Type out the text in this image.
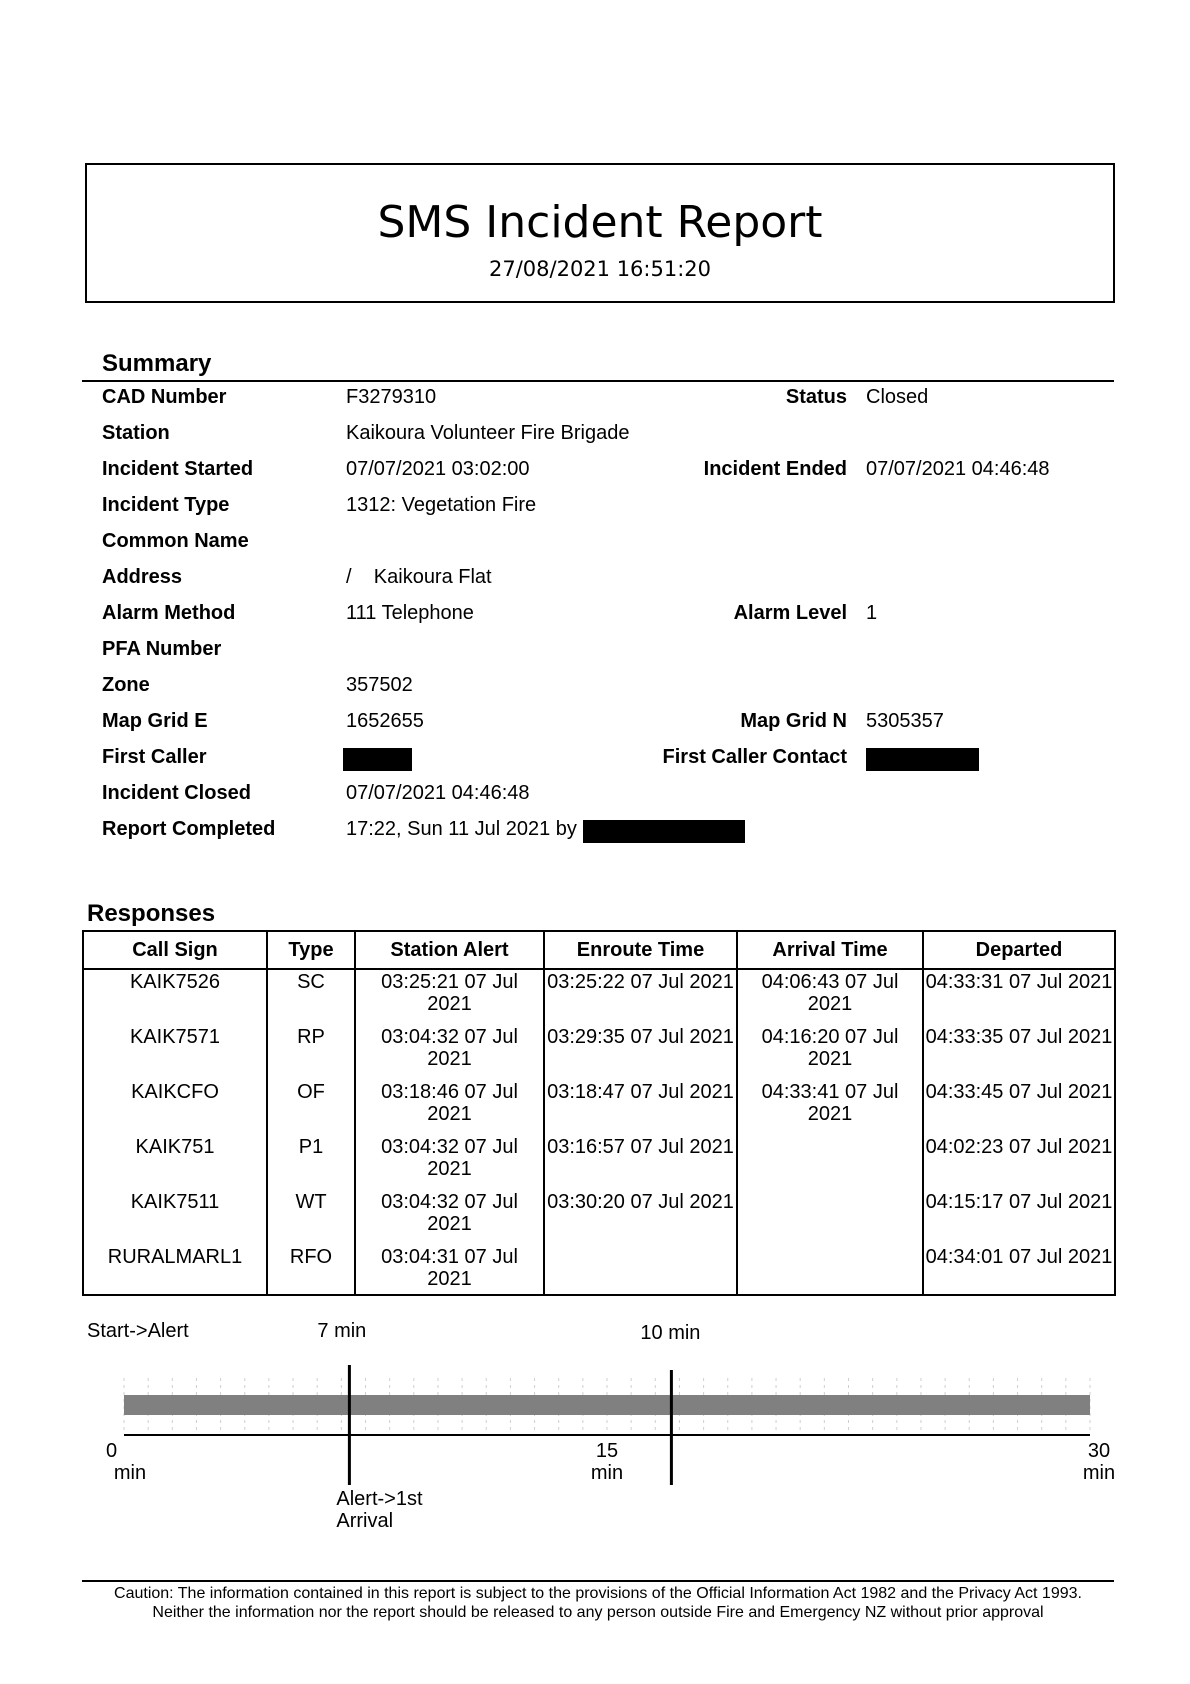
SMS Incident Report
27/08/2021 16:51:20
Summary
CAD Number	F3279310	Status Closed
Station	Kaikoura Volunteer Fire Brigade
Incident Started	07/07/2021 03:02:00	Incident Ended 07/07/2021 04:46:48
Incident Type	1312: Vegetation Fire
Common Name
Address	/    Kaikoura Flat
Alarm Method	111 Telephone	Alarm Level 1
PFA Number
Zone	357502
Map Grid E	1652655	Map Grid N 5305357
First Caller	First Caller Contact
Incident Closed	07/07/2021 04:46:48
Report Completed	17:22, Sun 11 Jul 2021 by
Responses
Call Sign	Type	Station Alert	Enroute Time	Arrival Time	Departed
KAIK7526	SC	03:25:21 07 Jul 2021	03:25:22 07 Jul 2021	04:06:43 07 Jul 2021	04:33:31 07 Jul 2021
KAIK7571	RP	03:04:32 07 Jul 2021	03:29:35 07 Jul 2021	04:16:20 07 Jul 2021	04:33:35 07 Jul 2021
KAIKCFO	OF	03:18:46 07 Jul 2021	03:18:47 07 Jul 2021	04:33:41 07 Jul 2021	04:33:45 07 Jul 2021
KAIK751	P1	03:04:32 07 Jul 2021	03:16:57 07 Jul 2021		04:02:23 07 Jul 2021
KAIK7511	WT	03:04:32 07 Jul 2021	03:30:20 07 Jul 2021		04:15:17 07 Jul 2021
RURALMARL1	RFO	03:04:31 07 Jul 2021			04:34:01 07 Jul 2021
Start->Alert	7 min	10 min
Alert->1st Arrival
0
min
15
min
30
min
Caution: The information contained in this report is subject to the provisions of the Official Information Act 1982 and the Privacy Act 1993.
Neither the information nor the report should be released to any person outside Fire and Emergency NZ without prior approval
